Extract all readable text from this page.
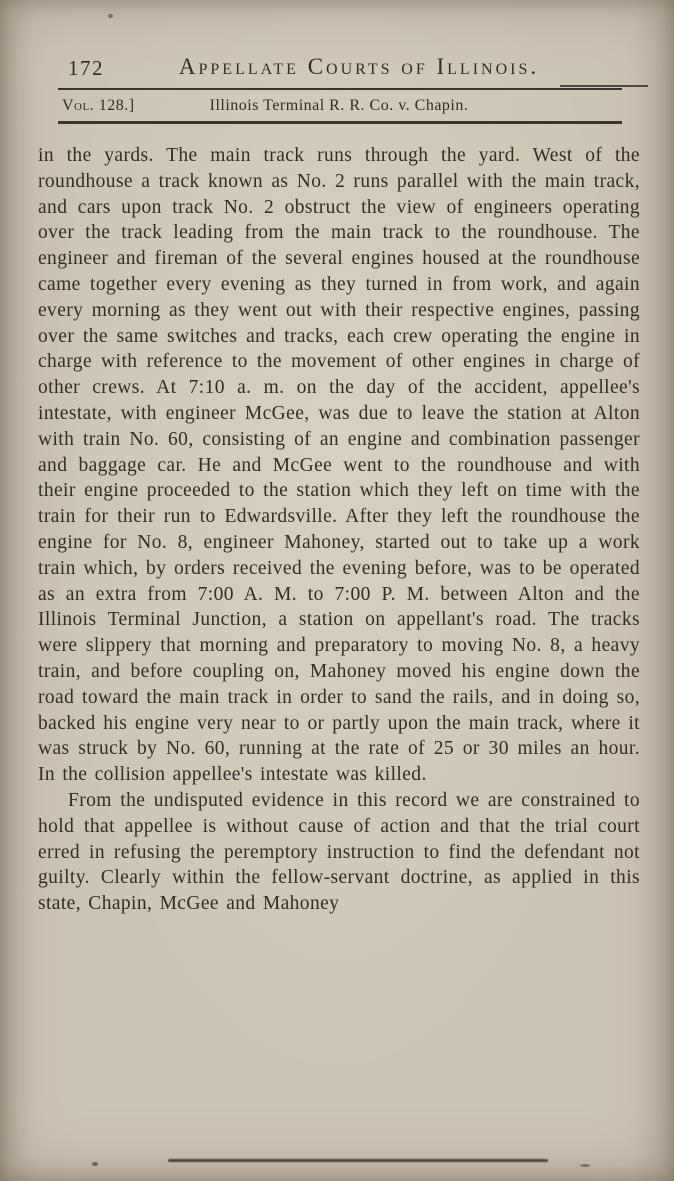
172	Appellate Courts of Illinois.
Vol. 128.]	Illinois Terminal R. R. Co. v. Chapin.

in the yards. The main track runs through the yard. West of the roundhouse a track known as No. 2 runs parallel with the main track, and cars upon track No. 2 obstruct the view of engineers operating over the track leading from the main track to the roundhouse. The engineer and fireman of the several engines housed at the roundhouse came together every evening as they turned in from work, and again every morning as they went out with their respective engines, passing over the same switches and tracks, each crew operating the engine in charge with reference to the movement of other engines in charge of other crews. At 7:10 a. m. on the day of the accident, appellee's intestate, with engineer McGee, was due to leave the station at Alton with train No. 60, consisting of an engine and combination passenger and baggage car. He and McGee went to the roundhouse and with their engine proceeded to the station which they left on time with the train for their run to Edwardsville. After they left the roundhouse the engine for No. 8, engineer Mahoney, started out to take up a work train which, by orders received the evening before, was to be operated as an extra from 7:00 A. M. to 7:00 P. M. between Alton and the Illinois Terminal Junction, a station on appellant's road. The tracks were slippery that morning and preparatory to moving No. 8, a heavy train, and before coupling on, Mahoney moved his engine down the road toward the main track in order to sand the rails, and in doing so, backed his engine very near to or partly upon the main track, where it was struck by No. 60, running at the rate of 25 or 30 miles an hour. In the collision appellee's intestate was killed.

From the undisputed evidence in this record we are constrained to hold that appellee is without cause of action and that the trial court erred in refusing the peremptory instruction to find the defendant not guilty. Clearly within the fellow-servant doctrine, as applied in this state, Chapin, McGee and Mahoney
